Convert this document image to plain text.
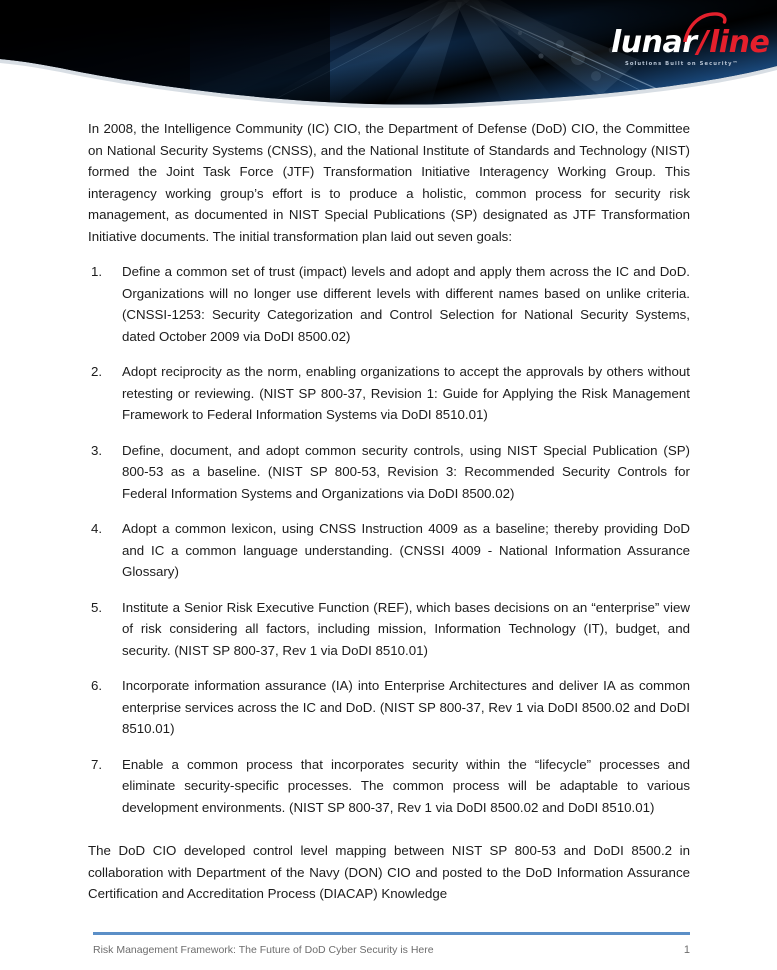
lunar/line
Solutions Built on Security™

In 2008, the Intelligence Community (IC) CIO, the Department of Defense (DoD) CIO, the Committee on National Security Systems (CNSS), and the National Institute of Standards and Technology (NIST) formed the Joint Task Force (JTF) Transformation Initiative Interagency Working Group. This interagency working group’s effort is to produce a holistic, common process for security risk management, as documented in NIST Special Publications (SP) designated as JTF Transformation Initiative documents. The initial transformation plan laid out seven goals:

Define a common set of trust (impact) levels and adopt and apply them across the IC and DoD. Organizations will no longer use different levels with different names based on unlike criteria. (CNSSI-1253: Security Categorization and Control Selection for National Security Systems, dated October 2009 via DoDI 8500.02)
Adopt reciprocity as the norm, enabling organizations to accept the approvals by others without retesting or reviewing. (NIST SP 800-37, Revision 1: Guide for Applying the Risk Management Framework to Federal Information Systems via DoDI 8510.01)
Define, document, and adopt common security controls, using NIST Special Publication (SP) 800-53 as a baseline. (NIST SP 800-53, Revision 3: Recommended Security Controls for Federal Information Systems and Organizations via DoDI 8500.02)
Adopt a common lexicon, using CNSS Instruction 4009 as a baseline; thereby providing DoD and IC a common language understanding. (CNSSI 4009 - National Information Assurance Glossary)
Institute a Senior Risk Executive Function (REF), which bases decisions on an “enterprise” view of risk considering all factors, including mission, Information Technology (IT), budget, and security. (NIST SP 800-37, Rev 1 via DoDI 8510.01)
Incorporate information assurance (IA) into Enterprise Architectures and deliver IA as common enterprise services across the IC and DoD. (NIST SP 800-37, Rev 1 via DoDI 8500.02 and DoDI 8510.01)
Enable a common process that incorporates security within the “lifecycle” processes and eliminate security-specific processes. The common process will be adaptable to various development environments. (NIST SP 800-37, Rev 1 via DoDI 8500.02 and DoDI 8510.01)

The DoD CIO developed control level mapping between NIST SP 800-53 and DoDI 8500.2 in collaboration with Department of the Navy (DON) CIO and posted to the DoD Information Assurance Certification and Accreditation Process (DIACAP) Knowledge

Risk Management Framework: The Future of DoD Cyber Security is Here	1
